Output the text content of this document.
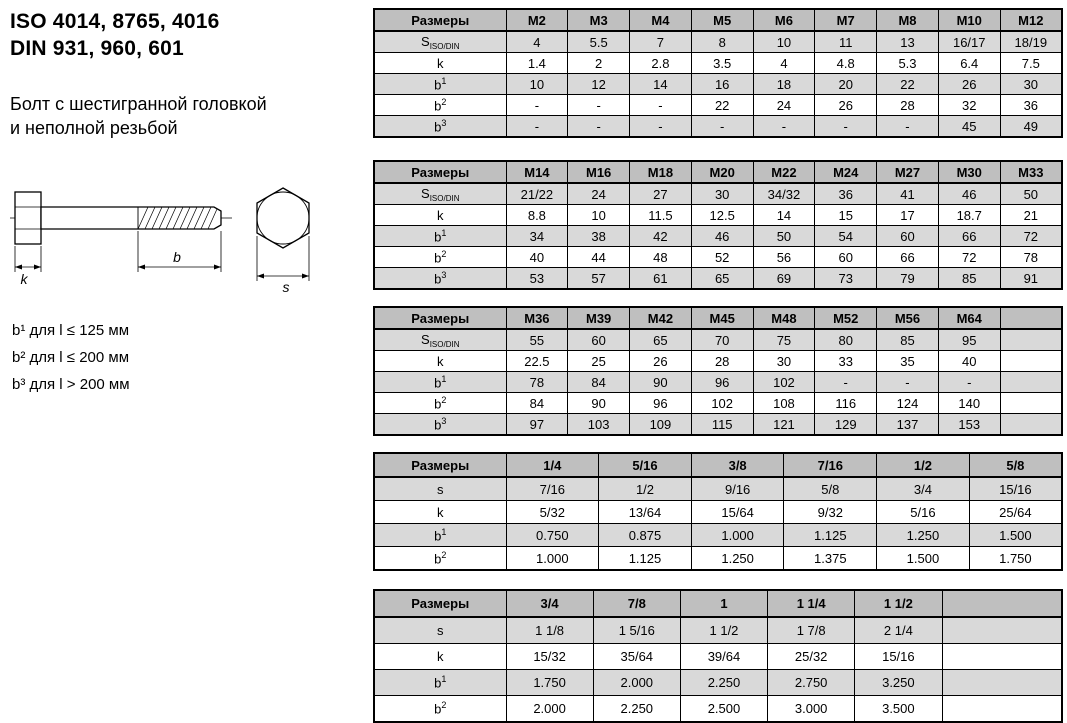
ISO 4014, 8765, 4016
DIN 931, 960, 601
Болт с шестигранной головкой
и неполной резьбой
k
b
s
b¹ для l ≤ 125 мм
b² для l ≤ 200 мм
b³ для l > 200 мм
Размеры	M2	M3	M4	M5	M6	M7	M8	M10	M12
$S_{ISO/DIN}$	4	5.5	7	8	10	11	13	16/17	18/19
k	1.4	2	2.8	3.5	4	4.8	5.3	6.4	7.5
$b^1$	10	12	14	16	18	20	22	26	30
$b^2$	-	-	-	22	24	26	28	32	36
$b^3$	-	-	-	-	-	-	-	45	49
Размеры	M14	M16	M18	M20	M22	M24	M27	M30	M33
$S_{ISO/DIN}$	21/22	24	27	30	34/32	36	41	46	50
k	8.8	10	11.5	12.5	14	15	17	18.7	21
$b^1$	34	38	42	46	50	54	60	66	72
$b^2$	40	44	48	52	56	60	66	72	78
$b^3$	53	57	61	65	69	73	79	85	91
Размеры	M36	M39	M42	M45	M48	M52	M56	M64	
$S_{ISO/DIN}$	55	60	65	70	75	80	85	95	
k	22.5	25	26	28	30	33	35	40	
$b^1$	78	84	90	96	102	-	-	-	
$b^2$	84	90	96	102	108	116	124	140	
$b^3$	97	103	109	115	121	129	137	153	
Размеры	1/4	5/16	3/8	7/16	1/2	5/8
s	7/16	1/2	9/16	5/8	3/4	15/16
k	5/32	13/64	15/64	9/32	5/16	25/64
$b^1$	0.750	0.875	1.000	1.125	1.250	1.500
$b^2$	1.000	1.125	1.250	1.375	1.500	1.750
Размеры	3/4	7/8	1	1 1/4	1 1/2	
s	1 1/8	1 5/16	1 1/2	1 7/8	2 1/4	
k	15/32	35/64	39/64	25/32	15/16	
$b^1$	1.750	2.000	2.250	2.750	3.250	
$b^2$	2.000	2.250	2.500	3.000	3.500	
